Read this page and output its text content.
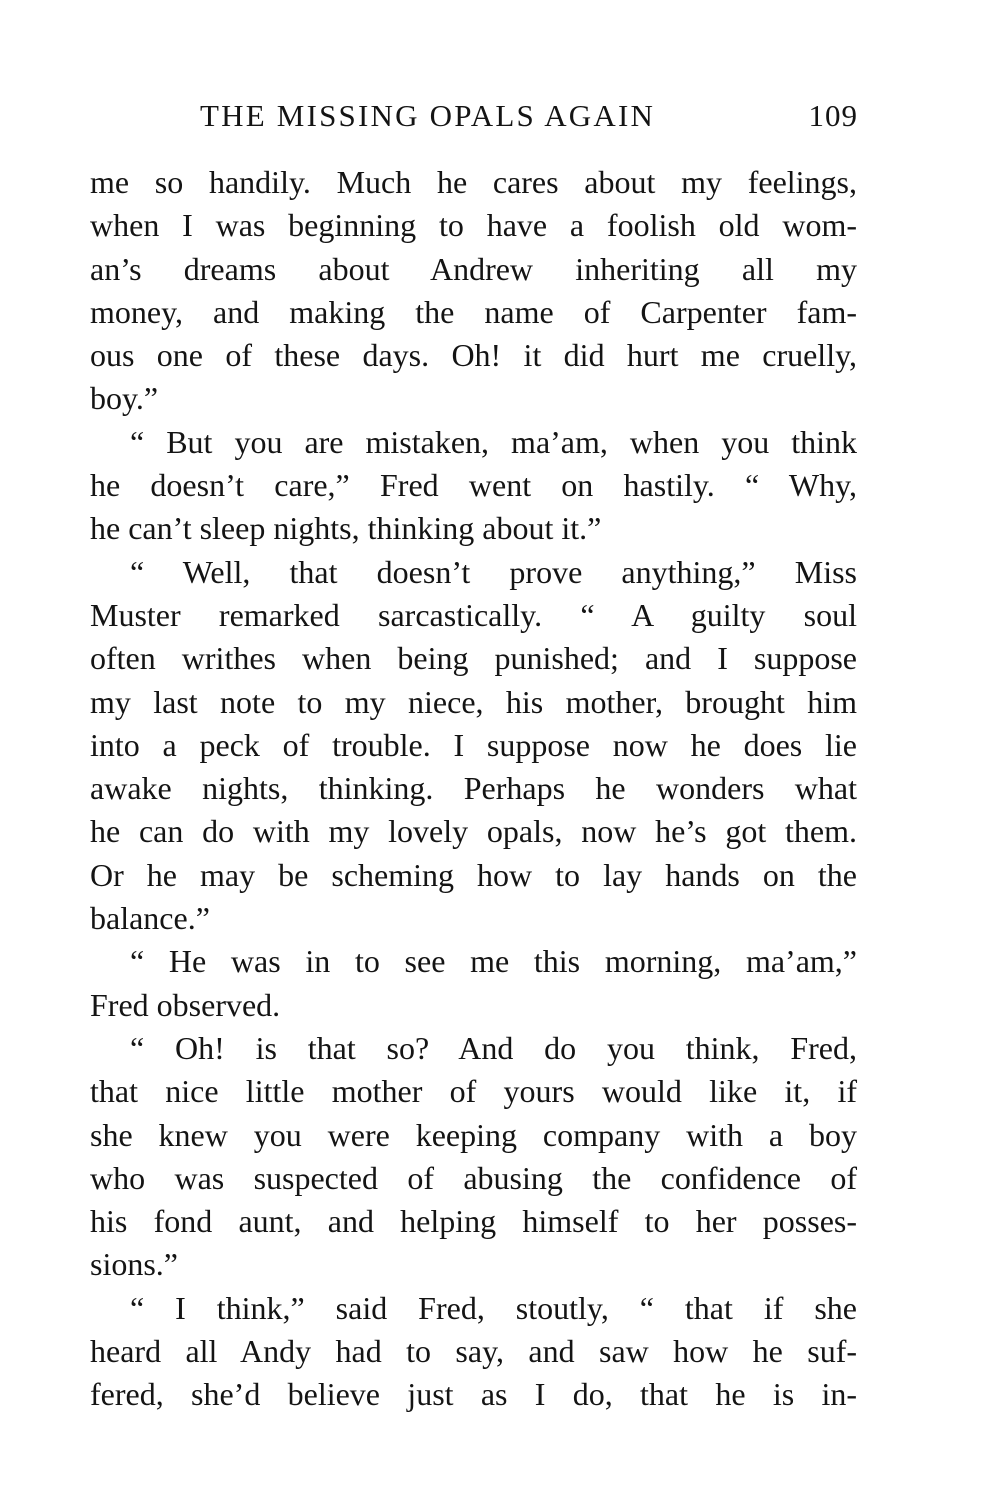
THE MISSING OPALS AGAIN	109
me so handily. Much he cares about my feelings,
when I was beginning to have a foolish old wom-
an’s dreams about Andrew inheriting all my
money, and making the name of Carpenter fam-
ous one of these days. Oh! it did hurt me cruelly,
boy.”
“ But you are mistaken, ma’am, when you think
he doesn’t care,” Fred went on hastily. “ Why,
he can’t sleep nights, thinking about it.”
“ Well, that doesn’t prove anything,” Miss
Muster remarked sarcastically. “ A guilty soul
often writhes when being punished; and I suppose
my last note to my niece, his mother, brought him
into a peck of trouble. I suppose now he does lie
awake nights, thinking. Perhaps he wonders what
he can do with my lovely opals, now he’s got them.
Or he may be scheming how to lay hands on the
balance.”
“ He was in to see me this morning, ma’am,”
Fred observed.
“ Oh! is that so? And do you think, Fred,
that nice little mother of yours would like it, if
she knew you were keeping company with a boy
who was suspected of abusing the confidence of
his fond aunt, and helping himself to her posses-
sions.”
“ I think,” said Fred, stoutly, “ that if she
heard all Andy had to say, and saw how he suf-
fered, she’d believe just as I do, that he is in-
